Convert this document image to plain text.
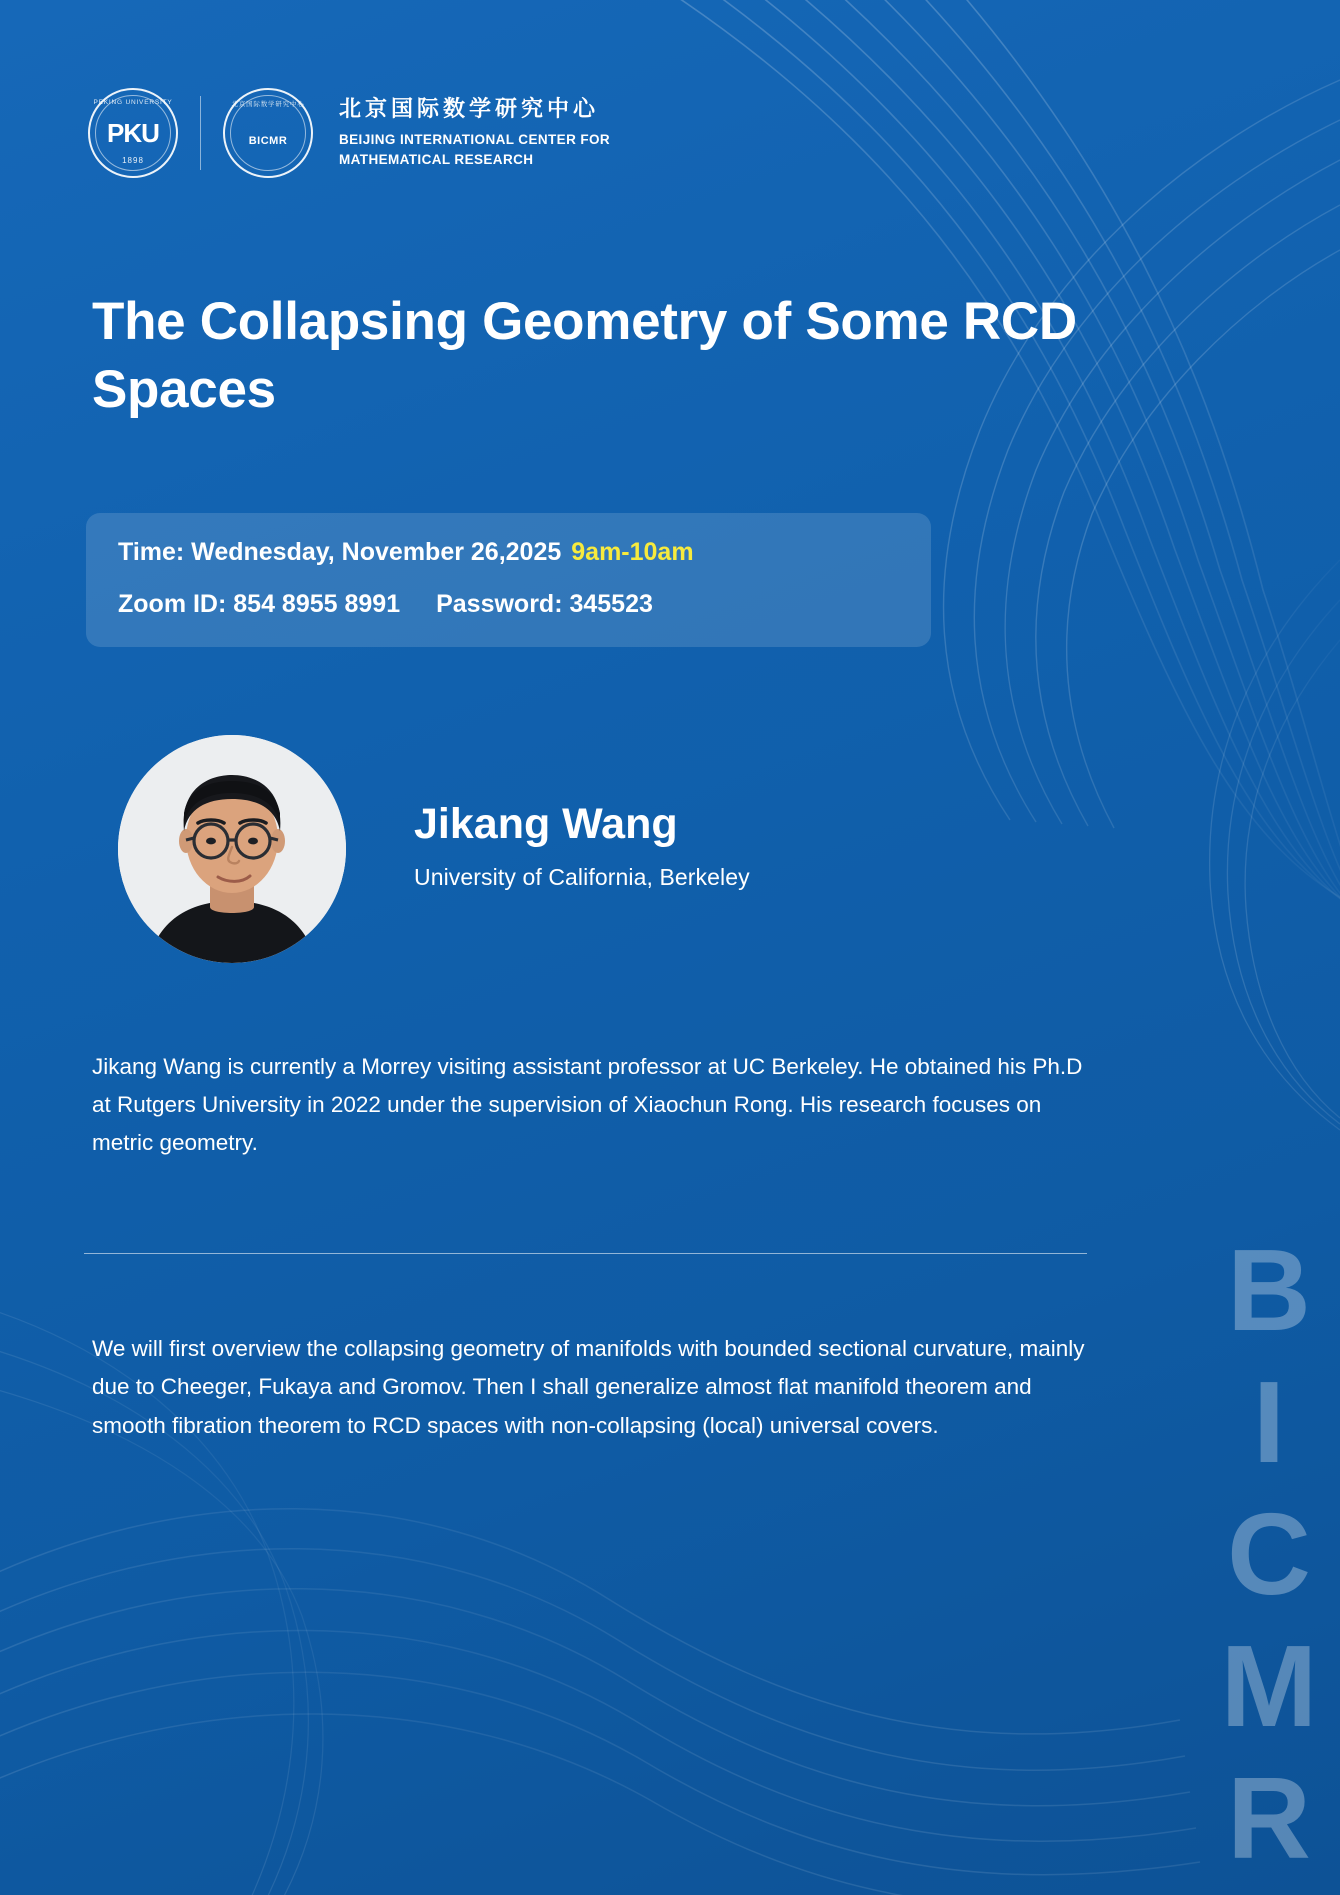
PEKING UNIVERSITY
PKU
1898
北京国际数学研究中心
BICMR
北京国际数学研究中心
BEIJING INTERNATIONAL CENTER FOR
MATHEMATICAL RESEARCH
The Collapsing Geometry of Some RCD Spaces
Time: Wednesday, November 26,2025 9am-10am
Zoom ID: 854 8955 8991 Password: 345523
Jikang Wang
University of California, Berkeley
Jikang Wang is currently a Morrey visiting assistant professor at UC Berkeley. He obtained his Ph.D at Rutgers University in 2022 under the supervision of Xiaochun Rong. His research focuses on metric geometry.
We will first overview the collapsing geometry of manifolds with bounded sectional curvature, mainly due to Cheeger, Fukaya and Gromov. Then I shall generalize almost flat manifold theorem and smooth fibration theorem to RCD spaces with non-collapsing (local) universal covers.	BICMR
